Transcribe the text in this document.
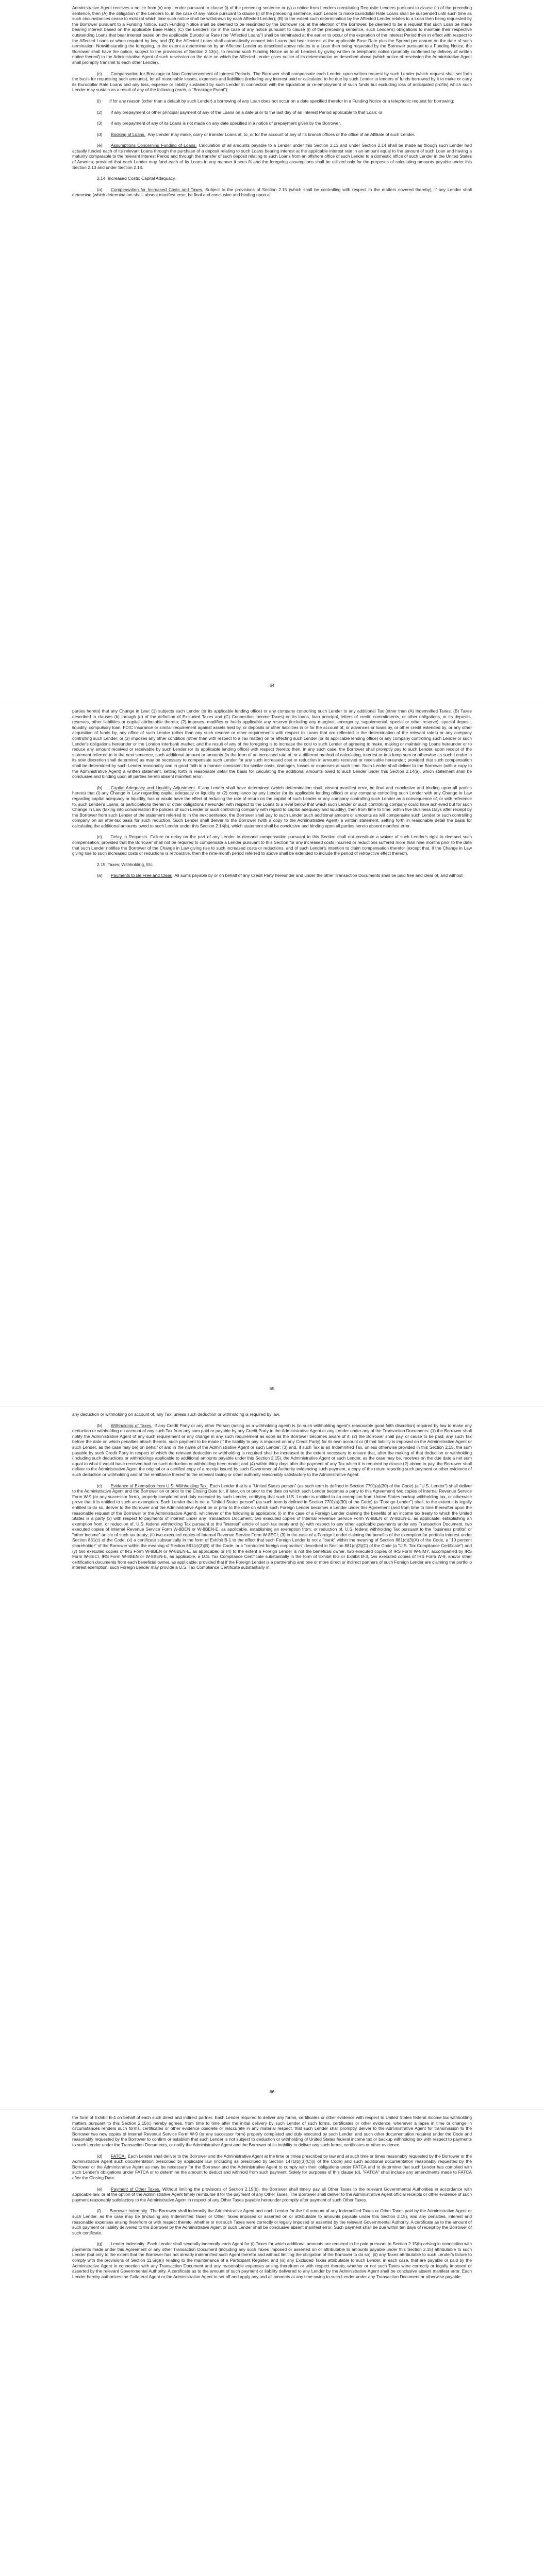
Administrative Agent receives a notice from (x) any Lender pursuant to clause (i) of the preceding sentence or (y) a notice from Lenders constituting Requisite Lenders pursuant to clause (ii) of the preceding sentence, then (A) the obligation of the Lenders to, in the case of any notice pursuant to clause (i) of the preceding sentence, such Lender to make Eurodollar Rate Loans shall be suspended until such time as such circumstances cease to exist (at which time such notice shall be withdrawn by each Affected Lender); (B) to the extent such determination by the Affected Lender relates to a Loan then being requested by the Borrower pursuant to a Funding Notice, such Funding Notice shall be deemed to be rescinded by the Borrower (or, at the election of the Borrower, be deemed to be a request that such Loan be made bearing interest based on the applicable Base Rate); (C) the Lenders' (or in the case of any notice pursuant to clause (i) of the preceding sentence, such Lender's) obligations to maintain their respective outstanding Loans that bear interest based on the applicable Eurodollar Rate (the "Affected Loans") shall be terminated at the earlier to occur of the expiration of the Interest Period then in effect with respect to the Affected Loans or when required by law, and (D) the Affected Loans shall automatically convert into Loans that bear interest at the applicable Base Rate plus the Spread per annum on the date of such termination. Notwithstanding the foregoing, to the extent a determination by an Affected Lender as described above relates to a Loan then being requested by the Borrower pursuant to a Funding Notice, the Borrower shall have the option, subject to the provisions of Section 2.13(c), to rescind such Funding Notice as to all Lenders by giving written or telephonic notice (promptly confirmed by delivery of written notice thereof) to the Administrative Agent of such rescission on the date on which the Affected Lender gives notice of its determination as described above (which notice of rescission the Administrative Agent shall promptly transmit to each other Lender).

(c)   Compensation for Breakage or Non-Commencement of Interest Periods.  The Borrower shall compensate each Lender, upon written request by such Lender (which request shall set forth the basis for requesting such amounts), for all reasonable losses, expenses and liabilities (including any interest paid or calculated to be due by such Lender to lenders of funds borrowed by it to make or carry its Eurodollar Rate Loans and any loss, expense or liability sustained by such Lender in connection with the liquidation or re-employment of such funds but excluding loss of anticipated profits) which such Lender may sustain as a result of any of the following (each, a "Breakage Event"):

(i)   if for any reason (other than a default by such Lender) a borrowing of any Loan does not occur on a date specified therefor in a Funding Notice or a telephonic request for borrowing;

(2)   if any prepayment or other principal payment of any of the Loans on a date prior to the last day of an Interest Period applicable to that Loan; or

(3)   if any prepayment of any of its Loans is not made on any date specified in a notice of prepayment given by the Borrower.

(d)   Booking of Loans.  Any Lender may make, carry or transfer Loans at, to, or for the account of any of its branch offices or the office of an Affiliate of such Lender.

(e)   Assumptions Concerning Funding of Loans.  Calculation of all amounts payable to a Lender under this Section 2.13 and under Section 2.14 shall be made as though such Lender had actually funded each of its relevant Loans through the purchase of a deposit relating to such Loans bearing interest at the applicable interest rate in an amount equal to the amount of such Loan and having a maturity comparable to the relevant Interest Period and through the transfer of such deposit relating to such Loans from an offshore office of such Lender to a domestic office of such Lender in the United States of America; provided that each Lender may fund each of its Loans in any manner it sees fit and the foregoing assumptions shall be utilized only for the purposes of calculating amounts payable under this Section 2.13 and under Section 2.14.

2.14. Increased Costs; Capital Adequacy.

(a)   Compensation for Increased Costs and Taxes.  Subject to the provisions of Section 2.15 (which shall be controlling with respect to the matters covered thereby), if any Lender shall determine (which determination shall, absent manifest error, be final and conclusive and binding upon all

64

parties hereto) that any Change in Law: (1) subjects such Lender (or its applicable lending office) or any company controlling such Lender to any additional Tax (other than (A) Indemnified Taxes, (B) Taxes described in clauses (b) through (d) of the definition of Excluded Taxes and (C) Connection Income Taxes) on its loans, loan principal, letters of credit, commitments, or other obligations, or its deposits, reserves, other liabilities or capital attributable thereto; (2) imposes, modifies or holds applicable any reserve (including any marginal, emergency, supplemental, special or other reserve), special deposit, liquidity, compulsory loan, FDIC insurance or similar requirement against assets held by, or deposits or other liabilities in or for the account of, or advances or loans by, or other credit extended by, or any other acquisition of funds by, any office of such Lender (other than any such reserve or other requirements with respect to Loans that are reflected in the determination of the relevant rates) or any company controlling such Lender; or (3) imposes any other condition (other than with respect to a Tax matter) on or affecting such Lender (or its applicable lending office) or any company controlling such Lender or such Lender's obligations hereunder or the London interbank market; and the result of any of the foregoing is to increase the cost to such Lender of agreeing to make, making or maintaining Loans hereunder or to reduce any amount received or receivable by such Lender (or its applicable lending office) with respect thereto; then, in any such case, the Borrower shall promptly pay to such Lender, upon receipt of the statement referred to in the next sentence, such additional amount or amounts (in the form of an increased rate of, or a different method of calculating, interest or in a lump sum or otherwise as such Lender in its sole discretion shall determine) as may be necessary to compensate such Lender for any such increased cost or reduction in amounts received or receivable hereunder; provided that such compensation shall be determined by such Lender reasonably and in good faith in a manner consistent for similar costs, damages, losses or expenses at such time. Such Lender shall deliver to the Borrower (with a copy to the Administrative Agent) a written statement, setting forth in reasonable detail the basis for calculating the additional amounts owed to such Lender under this Section 2.14(a), which statement shall be conclusive and binding upon all parties hereto absent manifest error.

(b)   Capital Adequacy and Liquidity Adjustment.  If any Lender shall have determined (which determination shall, absent manifest error, be final and conclusive and binding upon all parties hereto) that (i) any Change in Law regarding capital adequacy or liquidity or (2) compliance by any Lender (or its applicable lending office) or any company controlling such Lender with any Change in Law regarding capital adequacy or liquidity, has or would have the effect of reducing the rate of return on the capital of such Lender or any company controlling such Lender as a consequence of, or with reference to, such Lender's Loans, or participations therein or other obligations hereunder with respect to the Loans to a level below that which such Lender or such controlling company could have achieved but for such Change in Law (taking into consideration the policies of such Lender or such controlling company with regard to capital adequacy and liquidity), then from time to time, within five Business Days after receipt by the Borrower from such Lender of the statement referred to in the next sentence, the Borrower shall pay to such Lender such additional amount or amounts as will compensate such Lender or such controlling company on an after-tax basis for such reduction. Such Lender shall deliver to the Borrower (with a copy to the Administrative Agent) a written statement, setting forth in reasonable detail the basis for calculating the additional amounts owed to such Lender under this Section 2.14(b), which statement shall be conclusive and binding upon all parties hereto absent manifest error.

(c)   Delay in Requests.  Failure or delay on the part of any Lender to demand compensation pursuant to this Section shall not constitute a waiver of such Lender's right to demand such compensation; provided that the Borrower shall not be required to compensate a Lender pursuant to this Section for any increased costs incurred or reductions suffered more than nine months prior to the date that such Lender notifies the Borrower of the Change in Law giving rise to such increased costs or reductions, and of such Lender's intention to claim compensation therefor (except that, if the Change in Law giving rise to such increased costs or reductions is retroactive, then the nine-month period referred to above shall be extended to include the period of retroactive effect thereof).

2.15. Taxes; Withholding, Etc.

(a)   Payments to Be Free and Clear.  All sums payable by or on behalf of any Credit Party hereunder and under the other Transaction Documents shall be paid free and clear of, and without

65

any deduction or withholding on account of, any Tax, unless such deduction or withholding is required by law.

(b)   Withholding of Taxes.  If any Credit Party or any other Person (acting as a withholding agent) is (in such withholding agent's reasonable good faith discretion) required by law to make any deduction or withholding on account of any such Tax from any sum paid or payable by any Credit Party to the Administrative Agent or any Lender under any of the Transaction Documents: (1) the Borrower shall notify the Administrative Agent of any such requirement or any change in any such requirement as soon as the Borrower becomes aware of it; (2) the Borrower shall pay, or cause to be paid, any such Tax before the date on which penalties attach thereto, such payment to be made (if the liability to pay is imposed on any Credit Party) for its own account or (if that liability is imposed on the Administrative Agent or such Lender, as the case may be) on behalf of and in the name of the Administrative Agent or such Lender; (3) and, if such Tax is an Indemnified Tax, unless otherwise provided in this Section 2.15, the sum payable by such Credit Party in respect of which the relevant deduction or withholding is required shall be increased to the extent necessary to ensure that, after the making of that deduction or withholding (including such deductions or withholdings applicable to additional amounts payable under this Section 2.15), the Administrative Agent or such Lender, as the case may be, receives on the due date a net sum equal to what it would have received had no such deduction or withholding been made; and (4) within thirty days after the payment of any Tax which it is required by clause (2) above to pay, the Borrower shall deliver to the Administrative Agent the original or a certified copy of a receipt issued by such Governmental Authority evidencing such payment, a copy of the return reporting such payment or other evidence of such deduction or withholding and of the remittance thereof to the relevant taxing or other authority reasonably satisfactory to the Administrative Agent.

(c)   Evidence of Exemption from U.S. Withholding Tax.  Each Lender that is a "United States person" (as such term is defined in Section 7701(a)(30) of the Code) (a "U.S. Lender") shall deliver to the Administrative Agent and the Borrower on or prior to the Closing Date (or, if later, on or prior to the date on which such Lender becomes a party to this Agreement) two copies of Internal Revenue Service Form W-9 (or any successor form), properly completed and duly executed by such Lender, certifying that such U.S. Lender is entitled to an exemption from United States backup withholding tax, or otherwise prove that it is entitled to such an exemption. Each Lender that is not a "United States person" (as such term is defined in Section 7701(a)(30) of the Code) (a "Foreign Lender") shall, to the extent it is legally entitled to do so, deliver to the Borrower and the Administrative Agent on or prior to the date on which such Foreign Lender becomes a Lender under this Agreement (and from time to time thereafter upon the reasonable request of the Borrower or the Administrative Agent), whichever of the following is applicable: (i) in the case of a Foreign Lender claiming the benefits of an income tax treaty to which the United States is a party (x) with respect to payments of interest under any Transaction Document, two executed copies of Internal Revenue Service Form W-8BEN or W-8BEN-E, as applicable, establishing an exemption from, or reduction of, U.S. federal withholding Tax pursuant to the "interest" article of such tax treaty and (y) with respect to any other applicable payments under any Transaction Document, two executed copies of Internal Revenue Service Form W-8BEN or W-8BEN-E, as applicable, establishing an exemption from, or reduction of, U.S. federal withholding Tax pursuant to the "business profits" or "other income" article of such tax treaty; (ii) two executed copies of Internal Revenue Service Form W-8ECI; (3) in the case of a Foreign Lender claiming the benefits of the exemption for portfolio interest under Section 881(c) of the Code, (x) a certificate substantially in the form of Exhibit B-1 to the effect that such Foreign Lender is not a "bank" within the meaning of Section 881(c)(3)(A) of the Code, a "10 percent shareholder" of the Borrower within the meaning of Section 881(c)(3)(B) of the Code, or a "controlled foreign corporation" described in Section 881(c)(3)(C) of the Code (a "U.S. Tax Compliance Certificate") and (y) two executed copies of IRS Form W-8BEN or W-8BEN-E, as applicable; or (4) to the extent a Foreign Lender is not the beneficial owner, two executed copies of IRS Form W-8IMY, accompanied by IRS Form W-8ECI, IRS Form W-8BEN or W-8BEN-E, as applicable, a U.S. Tax Compliance Certificate substantially in the form of Exhibit B-2 or Exhibit B-3, two executed copies of IRS Form W-9, and/or other certification documents from each beneficial owner, as applicable; provided that if the Foreign Lender is a partnership and one or more direct or indirect partners of such Foreign Lender are claiming the portfolio interest exemption, such Foreign Lender may provide a U.S. Tax Compliance Certificate substantially in

66

the form of Exhibit B-4 on behalf of each such direct and indirect partner. Each Lender required to deliver any forms, certificates or other evidence with respect to United States federal income tax withholding matters pursuant to this Section 2.15(c) hereby agrees, from time to time after the initial delivery by such Lender of such forms, certificates or other evidence, whenever a lapse in time or change in circumstances renders such forms, certificates or other evidence obsolete or inaccurate in any material respect, that such Lender shall promptly deliver to the Administrative Agent for transmission to the Borrower two new copies of Internal Revenue Service Form W-9 (or any successor form) properly completed and duly executed by such Lender, and such other documentation required under the Code and reasonably requested by the Borrower to confirm or establish that such Lender is not subject to deduction or withholding of United States federal income tax or backup withholding tax with respect to payments to such Lender under the Transaction Documents, or notify the Administrative Agent and the Borrower of its inability to deliver any such forms, certificates or other evidence.

(d)   FATCA.  Each Lender shall deliver to the Borrower and the Administrative Agent at the time or times prescribed by law and at such time or times reasonably requested by the Borrower or the Administrative Agent such documentation prescribed by applicable law (including as prescribed by Section 1471(b)(3)(C)(i) of the Code) and such additional documentation reasonably requested by the Borrower or the Administrative Agent as may be necessary for the Borrower and the Administrative Agent to comply with their obligations under FATCA and to determine that such Lender has complied with such Lender's obligations under FATCA or to determine the amount to deduct and withhold from such payment. Solely for purposes of this clause (d), "FATCA" shall include any amendments made to FATCA after the Closing Date.

(e)   Payment of Other Taxes.  Without limiting the provisions of Section 2.15(b), the Borrower shall timely pay all Other Taxes to the relevant Governmental Authorities in accordance with applicable law, or at the option of the Administrative Agent timely reimburse it for the payment of any Other Taxes. The Borrower shall deliver to the Administrative Agent official receipts or other evidence of such payment reasonably satisfactory to the Administrative Agent in respect of any Other Taxes payable hereunder promptly after payment of such Other Taxes.

(f)   Borrower Indemnity.  The Borrower shall indemnify the Administrative Agent and each Lender for the full amount of any Indemnified Taxes or Other Taxes paid by the Administrative Agent or such Lender, as the case may be (including any Indemnified Taxes or Other Taxes imposed or asserted on or attributable to amounts payable under this Section 2.15), and any penalties, interest and reasonable expenses arising therefrom or with respect thereto, whether or not such Taxes were correctly or legally imposed or asserted by the relevant Governmental Authority. A certificate as to the amount of such payment or liability delivered to the Borrower by the Administrative Agent or such Lender shall be conclusive absent manifest error. Such payment shall be due within ten days of receipt by the Borrower of such certificate.

(g)   Lender Indemnity.  Each Lender shall severally indemnify each Agent for (i) Taxes for which additional amounts are required to be paid pursuant to Section 2.15(b) arising in connection with payments made under this Agreement or any other Transaction Document (including any such Taxes imposed or asserted on or attributable to amounts payable under this Section 2.15) attributable to such Lender (but only to the extent that the Borrower has not already indemnified such Agent therefor and without limiting the obligation of the Borrower to do so); (ii) any Taxes attributable to such Lender's failure to comply with the provisions of Section 11.5(g)(i) relating to the maintenance of a Participant Register; and (iii) any Excluded Taxes attributable to such Lender, in each case, that are payable or paid by the Administrative Agent in connection with any Transaction Document and any reasonable expenses arising therefrom or with respect thereto, whether or not such Taxes were correctly or legally imposed or asserted by the relevant Governmental Authority. A certificate as to the amount of such payment or liability delivered to any Lender by the Administrative Agent shall be conclusive absent manifest error. Each Lender hereby authorizes the Collateral Agent or the Administrative Agent to set off and apply any and all amounts at any time owing to such Lender under any Transaction Document or otherwise payable
